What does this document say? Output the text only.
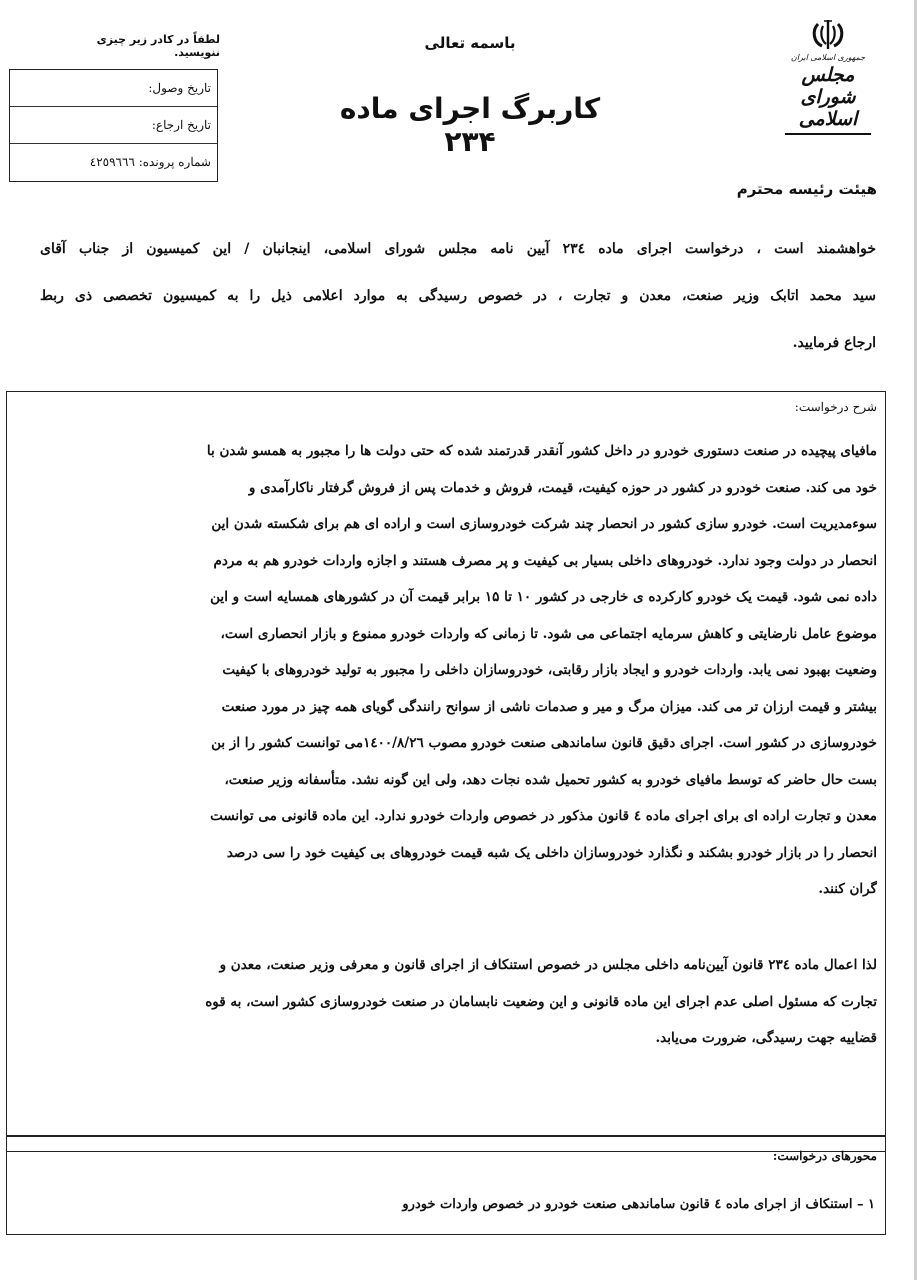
جمهوری اسلامی ایران
مجلس شورای اسلامی
باسمه تعالی
کاربرگ اجرای ماده ۲۳۴
لطفاً در کادر زیر چیزی ننویسید.
تاریخ وصول:
تاریخ ارجاع:
شماره پرونده: ٤٢٥٩٦٦٦
هیئت رئیسه محترم
خواهشمند است ، درخواست اجرای ماده ٢٣٤ آیین نامه مجلس شورای اسلامی، اینجانبان / این کمیسیون از جناب آقای
سید محمد اتابک وزیر صنعت، معدن و تجارت ، در خصوص رسیدگی به موارد اعلامی ذیل را به کمیسیون تخصصی ذی ربط
ارجاع فرمایید.
شرح درخواست:
مافیای پیچیده در صنعت دستوری خودرو در داخل کشور آنقدر قدرتمند شده که حتی دولت ها را مجبور به همسو شدن با
خود می کند. صنعت خودرو در کشور در حوزه کیفیت، قیمت، فروش و خدمات پس از فروش گرفتار ناکارآمدی و
سوءمدیریت است. خودرو سازی کشور در انحصار چند شرکت خودروسازی است و اراده ای هم برای شکسته شدن این
انحصار در دولت وجود ندارد. خودروهای داخلی بسیار بی کیفیت و پر مصرف هستند و اجازه واردات خودرو هم به مردم
داده نمی شود. قیمت یک خودرو کارکرده ی خارجی در کشور ۱۰ تا ۱۵ برابر قیمت آن در کشورهای همسایه است و این
موضوع عامل نارضایتی و کاهش سرمایه اجتماعی می شود. تا زمانی که واردات خودرو ممنوع و بازار انحصاری است،
وضعیت بهبود نمی یابد. واردات خودرو و ایجاد بازار رقابتی، خودروسازان داخلی را مجبور به تولید خودروهای با کیفیت
بیشتر و قیمت ارزان تر می کند. میزان مرگ و میر و صدمات ناشی از سوانح رانندگی گویای همه چیز در مورد صنعت
خودروسازی در کشور است. اجرای دقیق قانون ساماندهی صنعت خودرو مصوب ١٤٠٠/٨/٢٦می توانست کشور را از بن
بست حال حاضر که توسط مافیای خودرو به کشور تحمیل شده نجات دهد، ولی این گونه نشد. متأسفانه وزیر صنعت،
معدن و تجارت اراده ای برای اجرای ماده ٤ قانون مذکور در خصوص واردات خودرو ندارد. این ماده قانونی می توانست
انحصار را در بازار خودرو بشکند و نگذارد خودروسازان داخلی یک شبه قیمت خودروهای بی کیفیت خود را سی درصد
گران کنند.
لذا اعمال ماده ٢٣٤ قانون آیین‌نامه داخلی مجلس در خصوص استنکاف از اجرای قانون و معرفی وزیر صنعت، معدن و
تجارت که مسئول اصلی عدم اجرای این ماده قانونی و این وضعیت نابسامان در صنعت خودروسازی کشور است، به قوه
قضاییه جهت رسیدگی، ضرورت می‌یابد.
محورهای درخواست:
١ – استنکاف از اجرای ماده ٤ قانون ساماندهی صنعت خودرو در خصوص واردات خودرو
